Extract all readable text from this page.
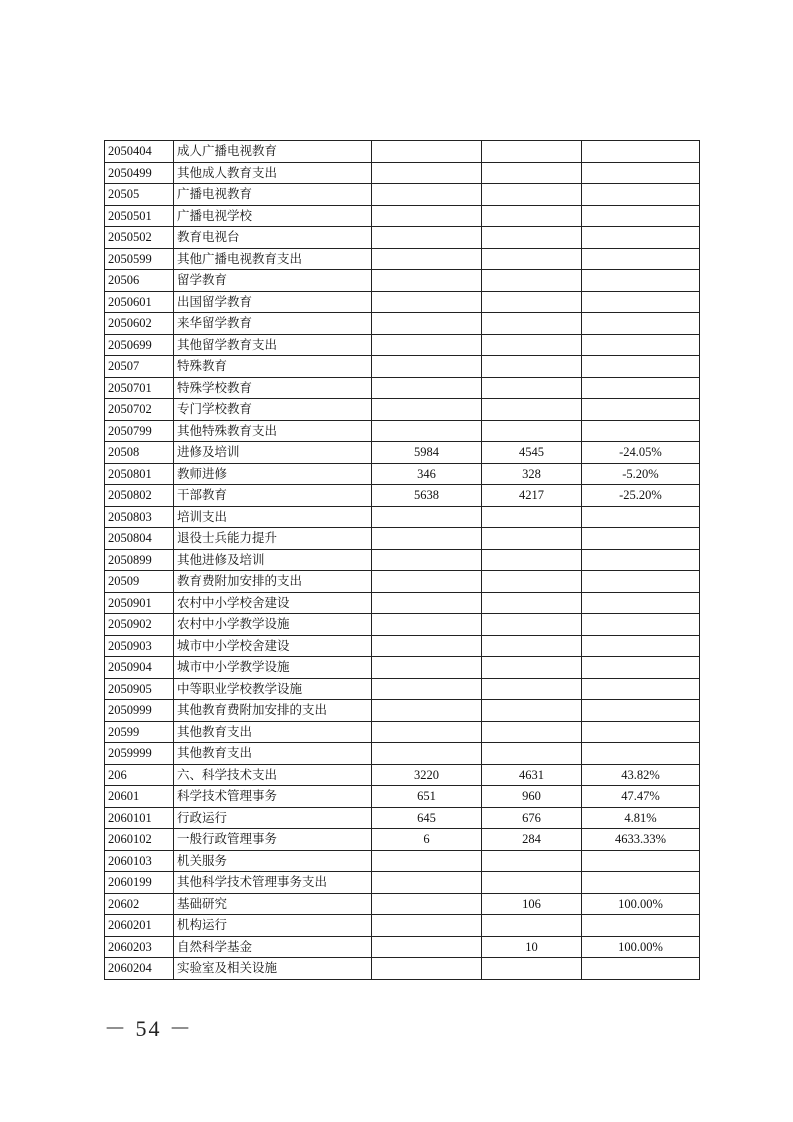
2050404	成人广播电视教育			
2050499	其他成人教育支出			
20505	广播电视教育			
2050501	广播电视学校			
2050502	教育电视台			
2050599	其他广播电视教育支出			
20506	留学教育			
2050601	出国留学教育			
2050602	来华留学教育			
2050699	其他留学教育支出			
20507	特殊教育			
2050701	特殊学校教育			
2050702	专门学校教育			
2050799	其他特殊教育支出			
20508	进修及培训	5984	4545	-24.05%
2050801	教师进修	346	328	-5.20%
2050802	干部教育	5638	4217	-25.20%
2050803	培训支出			
2050804	退役士兵能力提升			
2050899	其他进修及培训			
20509	教育费附加安排的支出			
2050901	农村中小学校舍建设			
2050902	农村中小学教学设施			
2050903	城市中小学校舍建设			
2050904	城市中小学教学设施			
2050905	中等职业学校教学设施			
2050999	其他教育费附加安排的支出			
20599	其他教育支出			
2059999	其他教育支出			
206	六、科学技术支出	3220	4631	43.82%
20601	科学技术管理事务	651	960	47.47%
2060101	行政运行	645	676	4.81%
2060102	一般行政管理事务	6	284	4633.33%
2060103	机关服务			
2060199	其他科学技术管理事务支出			
20602	基础研究		106	100.00%
2060201	机构运行			
2060203	自然科学基金		10	100.00%
2060204	实验室及相关设施			
－ 54 －
